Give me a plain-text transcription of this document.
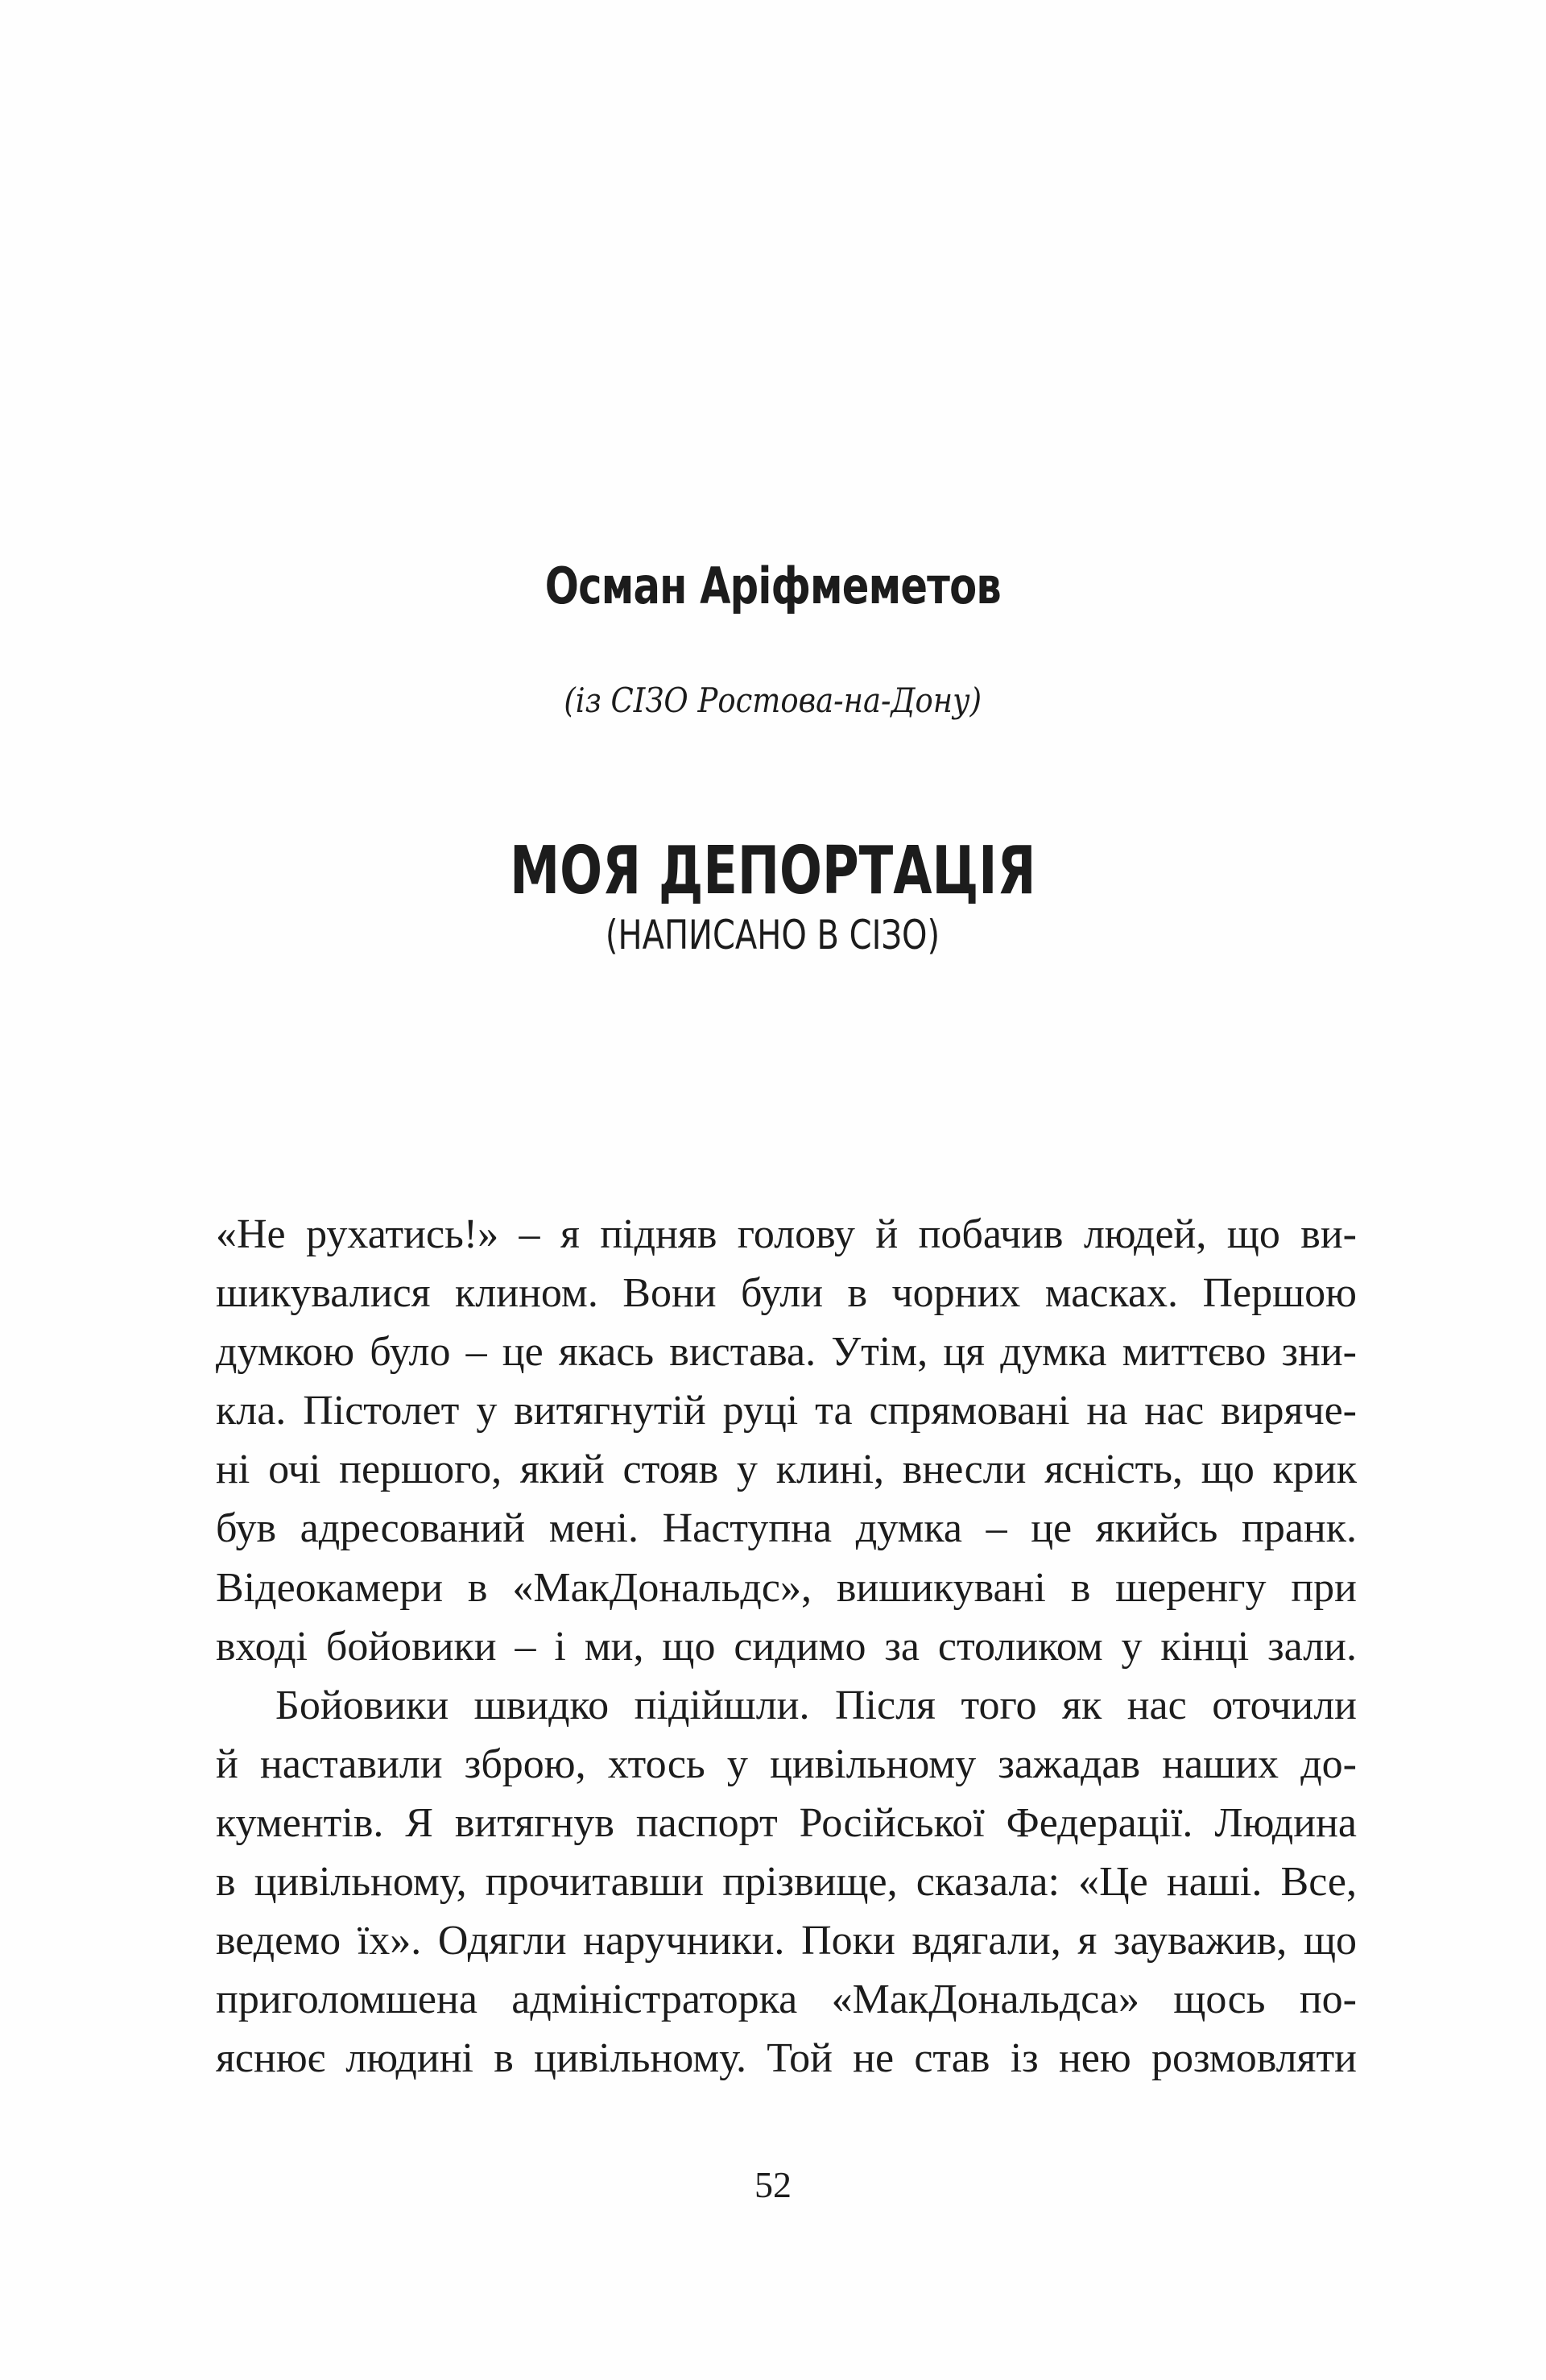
Осман Аріфмеметов
(із СІЗО Ростова-на-Дону)
МОЯ ДЕПОРТАЦІЯ
(НАПИСАНО В СІЗО)
«Не рухатись!» – я підняв голову й побачив людей, що ви-
шикувалися клином. Вони були в чорних масках. Першою
думкою було – це якась вистава. Утім, ця думка миттєво зни-
кла. Пістолет у витягнутій руці та спрямовані на нас виряче-
ні очі першого, який стояв у клині, внесли ясність, що крик
був адресований мені. Наступна думка – це якийсь пранк.
Відеокамери в «МакДональдс», вишикувані в шеренгу при
вході бойовики – і ми, що сидимо за столиком у кінці зали.
Бойовики швидко підійшли. Після того як нас оточили
й наставили зброю, хтось у цивільному зажадав наших до-
кументів. Я витягнув паспорт Російської Федерації. Людина
в цивільному, прочитавши прізвище, сказала: «Це наші. Все,
ведемо їх». Одягли наручники. Поки вдягали, я зауважив, що
приголомшена адміністраторка «МакДональдса» щось по-
яснює людині в цивільному. Той не став із нею розмовляти
52
